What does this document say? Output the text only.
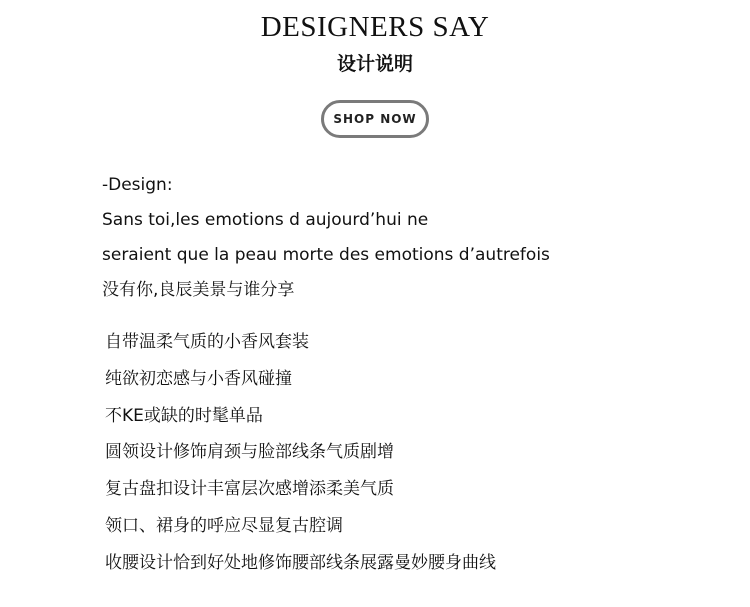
DESIGNERS SAY
设计说明
SHOP NOW
-Design:
Sans toi,les emotions d aujourd’hui ne
seraient que la peau morte des emotions d’autrefois
没有你,良辰美景与谁分享
自带温柔气质的小香风套装
纯欲初恋感与小香风碰撞
不KE或缺的时髦单品
圆领设计修饰肩颈与脸部线条气质剧增
复古盘扣设计丰富层次感增添柔美气质
领口、裙身的呼应尽显复古腔调
收腰设计恰到好处地修饰腰部线条展露曼妙腰身曲线
